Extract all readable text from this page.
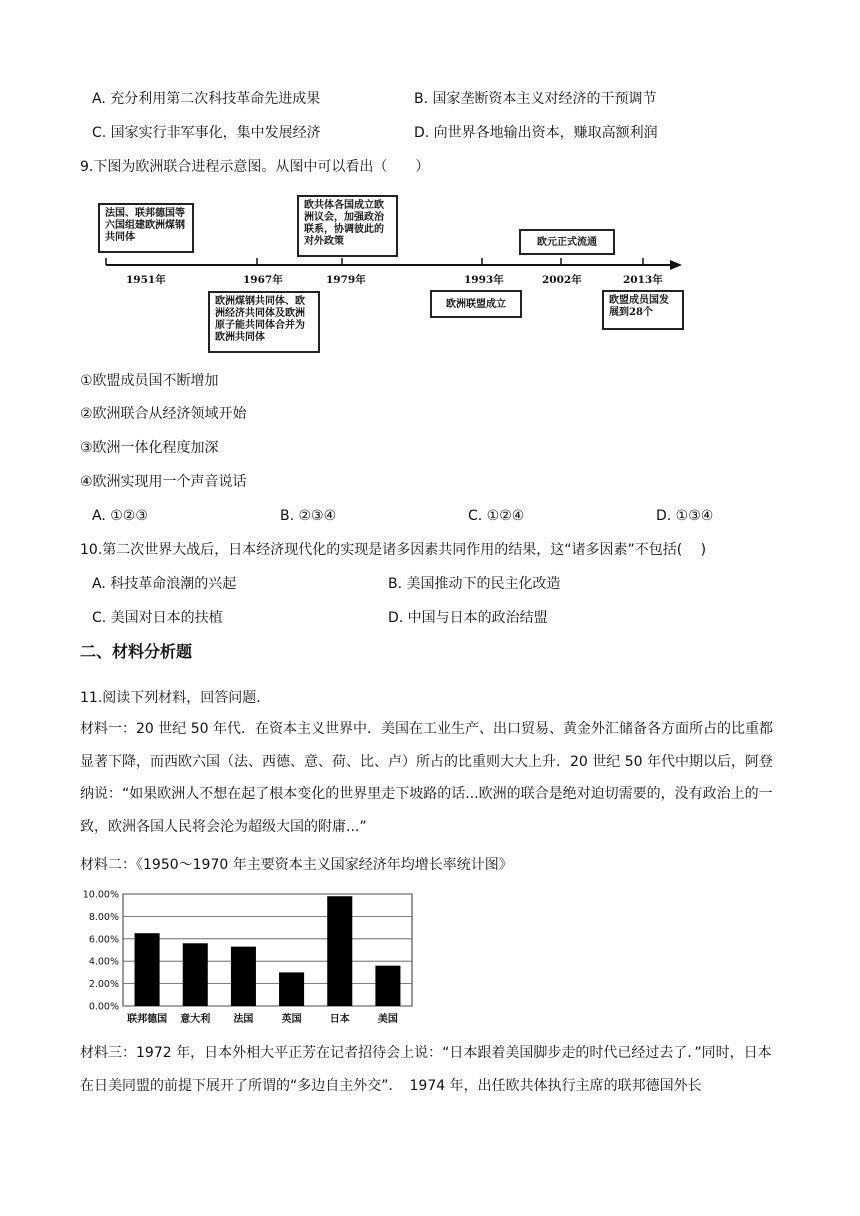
A. 充分利用第二次科技革命先进成果	B. 国家垄断资本主义对经济的干预调节
C. 国家实行非军事化，集中发展经济	D. 向世界各地输出资本，赚取高额利润
9.下图为欧洲联合进程示意图。从图中可以看出（　　）
法国、联邦德国等六国组建欧洲煤钢共同体
欧共体各国成立欧洲议会，加强政治联系，协调彼此的对外政策	欧元正式流通
欧洲煤钢共同体、欧洲经济共同体及欧洲原子能共同体合并为欧洲共同体
欧洲联盟成立	欧盟成员国发展到28个
1951年	1967年	1979年	1993年	2002年	2013年
①欧盟成员国不断增加
②欧洲联合从经济领域开始
③欧洲一体化程度加深
④欧洲实现用一个声音说话
A. ①②③	B. ②③④	C. ①②④	D. ①③④
10.第二次世界大战后，日本经济现代化的实现是诸多因素共同作用的结果，这“诸多因素”不包括(　 )
A. 科技革命浪潮的兴起	B. 美国推动下的民主化改造
C. 美国对日本的扶植	D. 中国与日本的政治结盟
二、材料分析题
11.阅读下列材料，回答问题．
材料一：20 世纪 50 年代．在资本主义世界中．美国在工业生产、出口贸易、黄金外汇储备各方面所占的比重都显著下降，而西欧六国（法、西德、意、荷、比、卢）所占的比重则大大上升．20 世纪 50 年代中期以后，阿登纳说：“如果欧洲人不想在起了根本变化的世界里走下坡路的话...欧洲的联合是绝对迫切需要的，没有政治上的一致，欧洲各国人民将会沦为超级大国的附庸...”
材料二：《1950～1970 年主要资本主义国家经济年均增长率统计图》
0.00%
2.00%
4.00%
6.00%
8.00%
10.00%
联邦德国 意大利 法国	英国	日本	美国
材料三：1972 年，日本外相大平正芳在记者招待会上说：“日本跟着美国脚步走的时代已经过去了．”同时，日本在日美同盟的前提下展开了所谓的“多边自主外交”．　1974 年，出任欧共体执行主席的联邦德国外长
